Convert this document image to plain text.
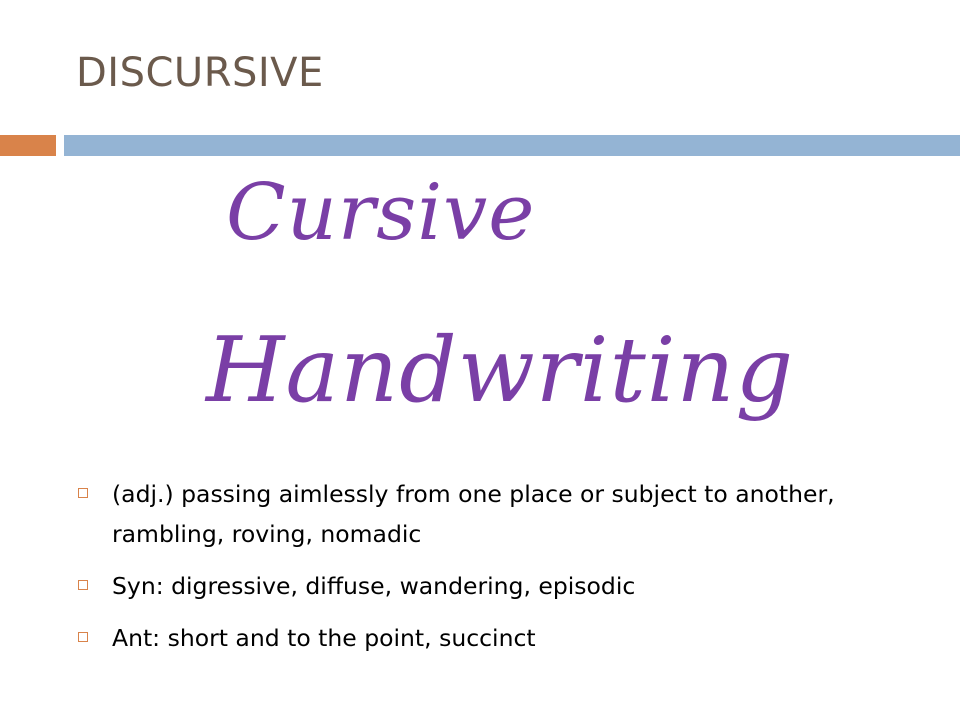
DISCURSIVE
Cursive
Handwriting
(adj.) passing aimlessly from one place or subject to another, rambling, roving, nomadic
Syn: digressive, diffuse, wandering, episodic
Ant: short and to the point, succinct
